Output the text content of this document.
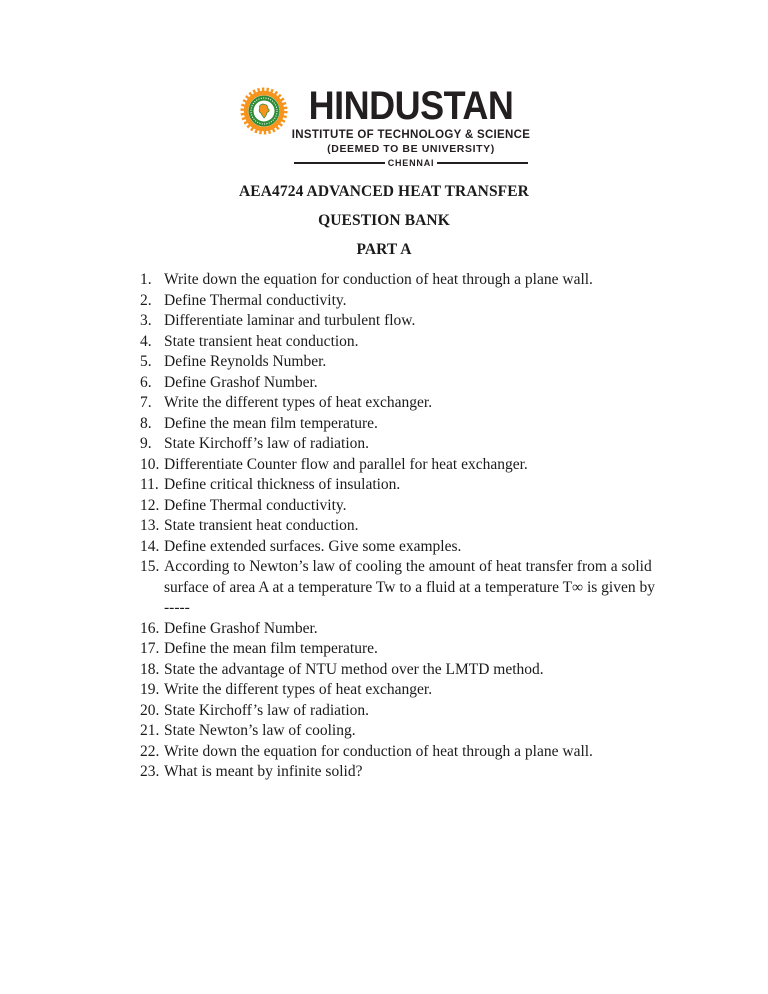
HINDUSTAN
INSTITUTE OF TECHNOLOGY & SCIENCE
(DEEMED TO BE UNIVERSITY)
CHENNAI
AEA4724 ADVANCED HEAT TRANSFER
QUESTION BANK
PART A
1. Write down the equation for conduction of heat through a plane wall.
2. Define Thermal conductivity.
3. Differentiate laminar and turbulent flow.
4. State transient heat conduction.
5. Define Reynolds Number.
6. Define Grashof Number.
7. Write the different types of heat exchanger.
8. Define the mean film temperature.
9. State Kirchoff’s law of radiation.
10. Differentiate Counter flow and parallel for heat exchanger.
11. Define critical thickness of insulation.
12. Define Thermal conductivity.
13. State transient heat conduction.
14. Define extended surfaces. Give some examples.
15. According to Newton’s law of cooling the amount of heat transfer from a solid surface of area A at a temperature Tw to a fluid at a temperature T∞ is given by -----
16. Define Grashof Number.
17. Define the mean film temperature.
18. State the advantage of NTU method over the LMTD method.
19. Write the different types of heat exchanger.
20. State Kirchoff’s law of radiation.
21. State Newton’s law of cooling.
22. Write down the equation for conduction of heat through a plane wall.
23. What is meant by infinite solid?
